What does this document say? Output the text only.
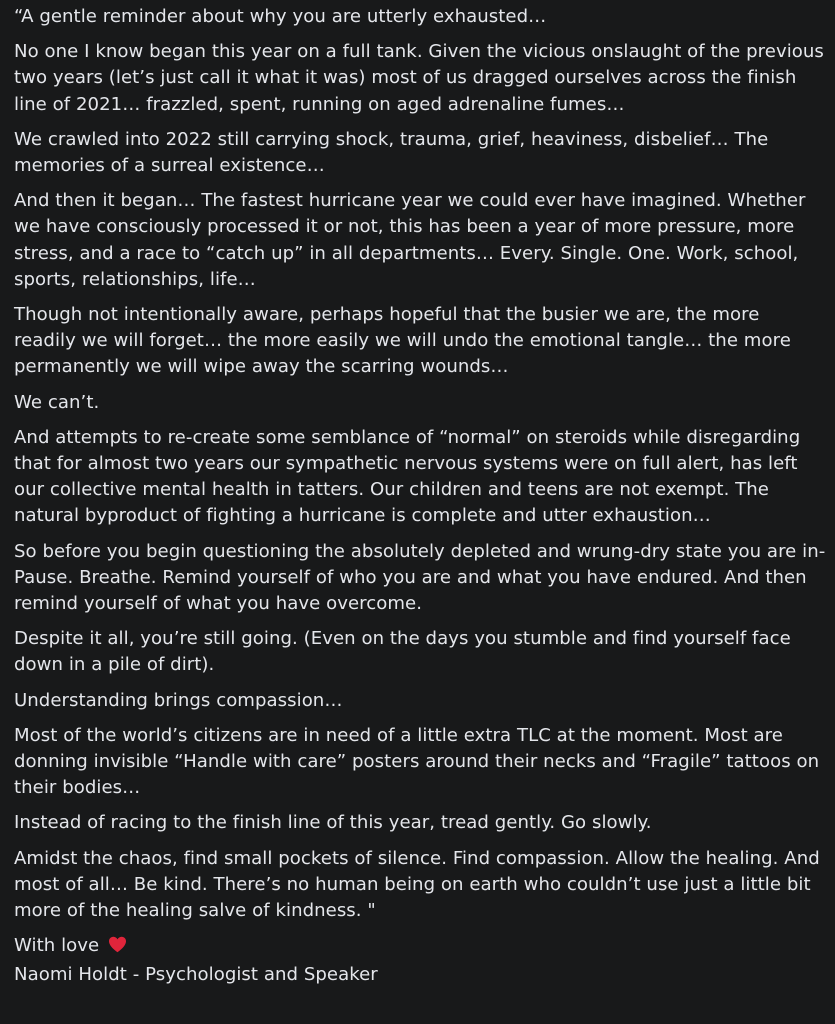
“A gentle reminder about why you are utterly exhausted…

No one I know began this year on a full tank. Given the vicious onslaught of the previous two years (let’s just call it what it was) most of us dragged ourselves across the finish line of 2021… frazzled, spent, running on aged adrenaline fumes…

We crawled into 2022 still carrying shock, trauma, grief, heaviness, disbelief… The memories of a surreal existence…

And then it began… The fastest hurricane year we could ever have imagined. Whether we have consciously processed it or not, this has been a year of more pressure, more stress, and a race to “catch up” in all departments… Every. Single. One. Work, school, sports, relationships, life…

Though not intentionally aware, perhaps hopeful that the busier we are, the more readily we will forget… the more easily we will undo the emotional tangle… the more permanently we will wipe away the scarring wounds…

We can’t.

And attempts to re-create some semblance of “normal” on steroids while disregarding that for almost two years our sympathetic nervous systems were on full alert, has left our collective mental health in tatters. Our children and teens are not exempt. The natural byproduct of fighting a hurricane is complete and utter exhaustion…

So before you begin questioning the absolutely depleted and wrung-dry state you are in- Pause. Breathe. Remind yourself of who you are and what you have endured. And then remind yourself of what you have overcome.

Despite it all, you’re still going. (Even on the days you stumble and find yourself face down in a pile of dirt).

Understanding brings compassion…

Most of the world’s citizens are in need of a little extra TLC at the moment. Most are donning invisible “Handle with care” posters around their necks and “Fragile” tattoos on their bodies…

Instead of racing to the finish line of this year, tread gently. Go slowly.

Amidst the chaos, find small pockets of silence. Find compassion. Allow the healing. And most of all… Be kind. There’s no human being on earth who couldn’t use just a little bit more of the healing salve of kindness. "

With love

Naomi Holdt - Psychologist and Speaker
